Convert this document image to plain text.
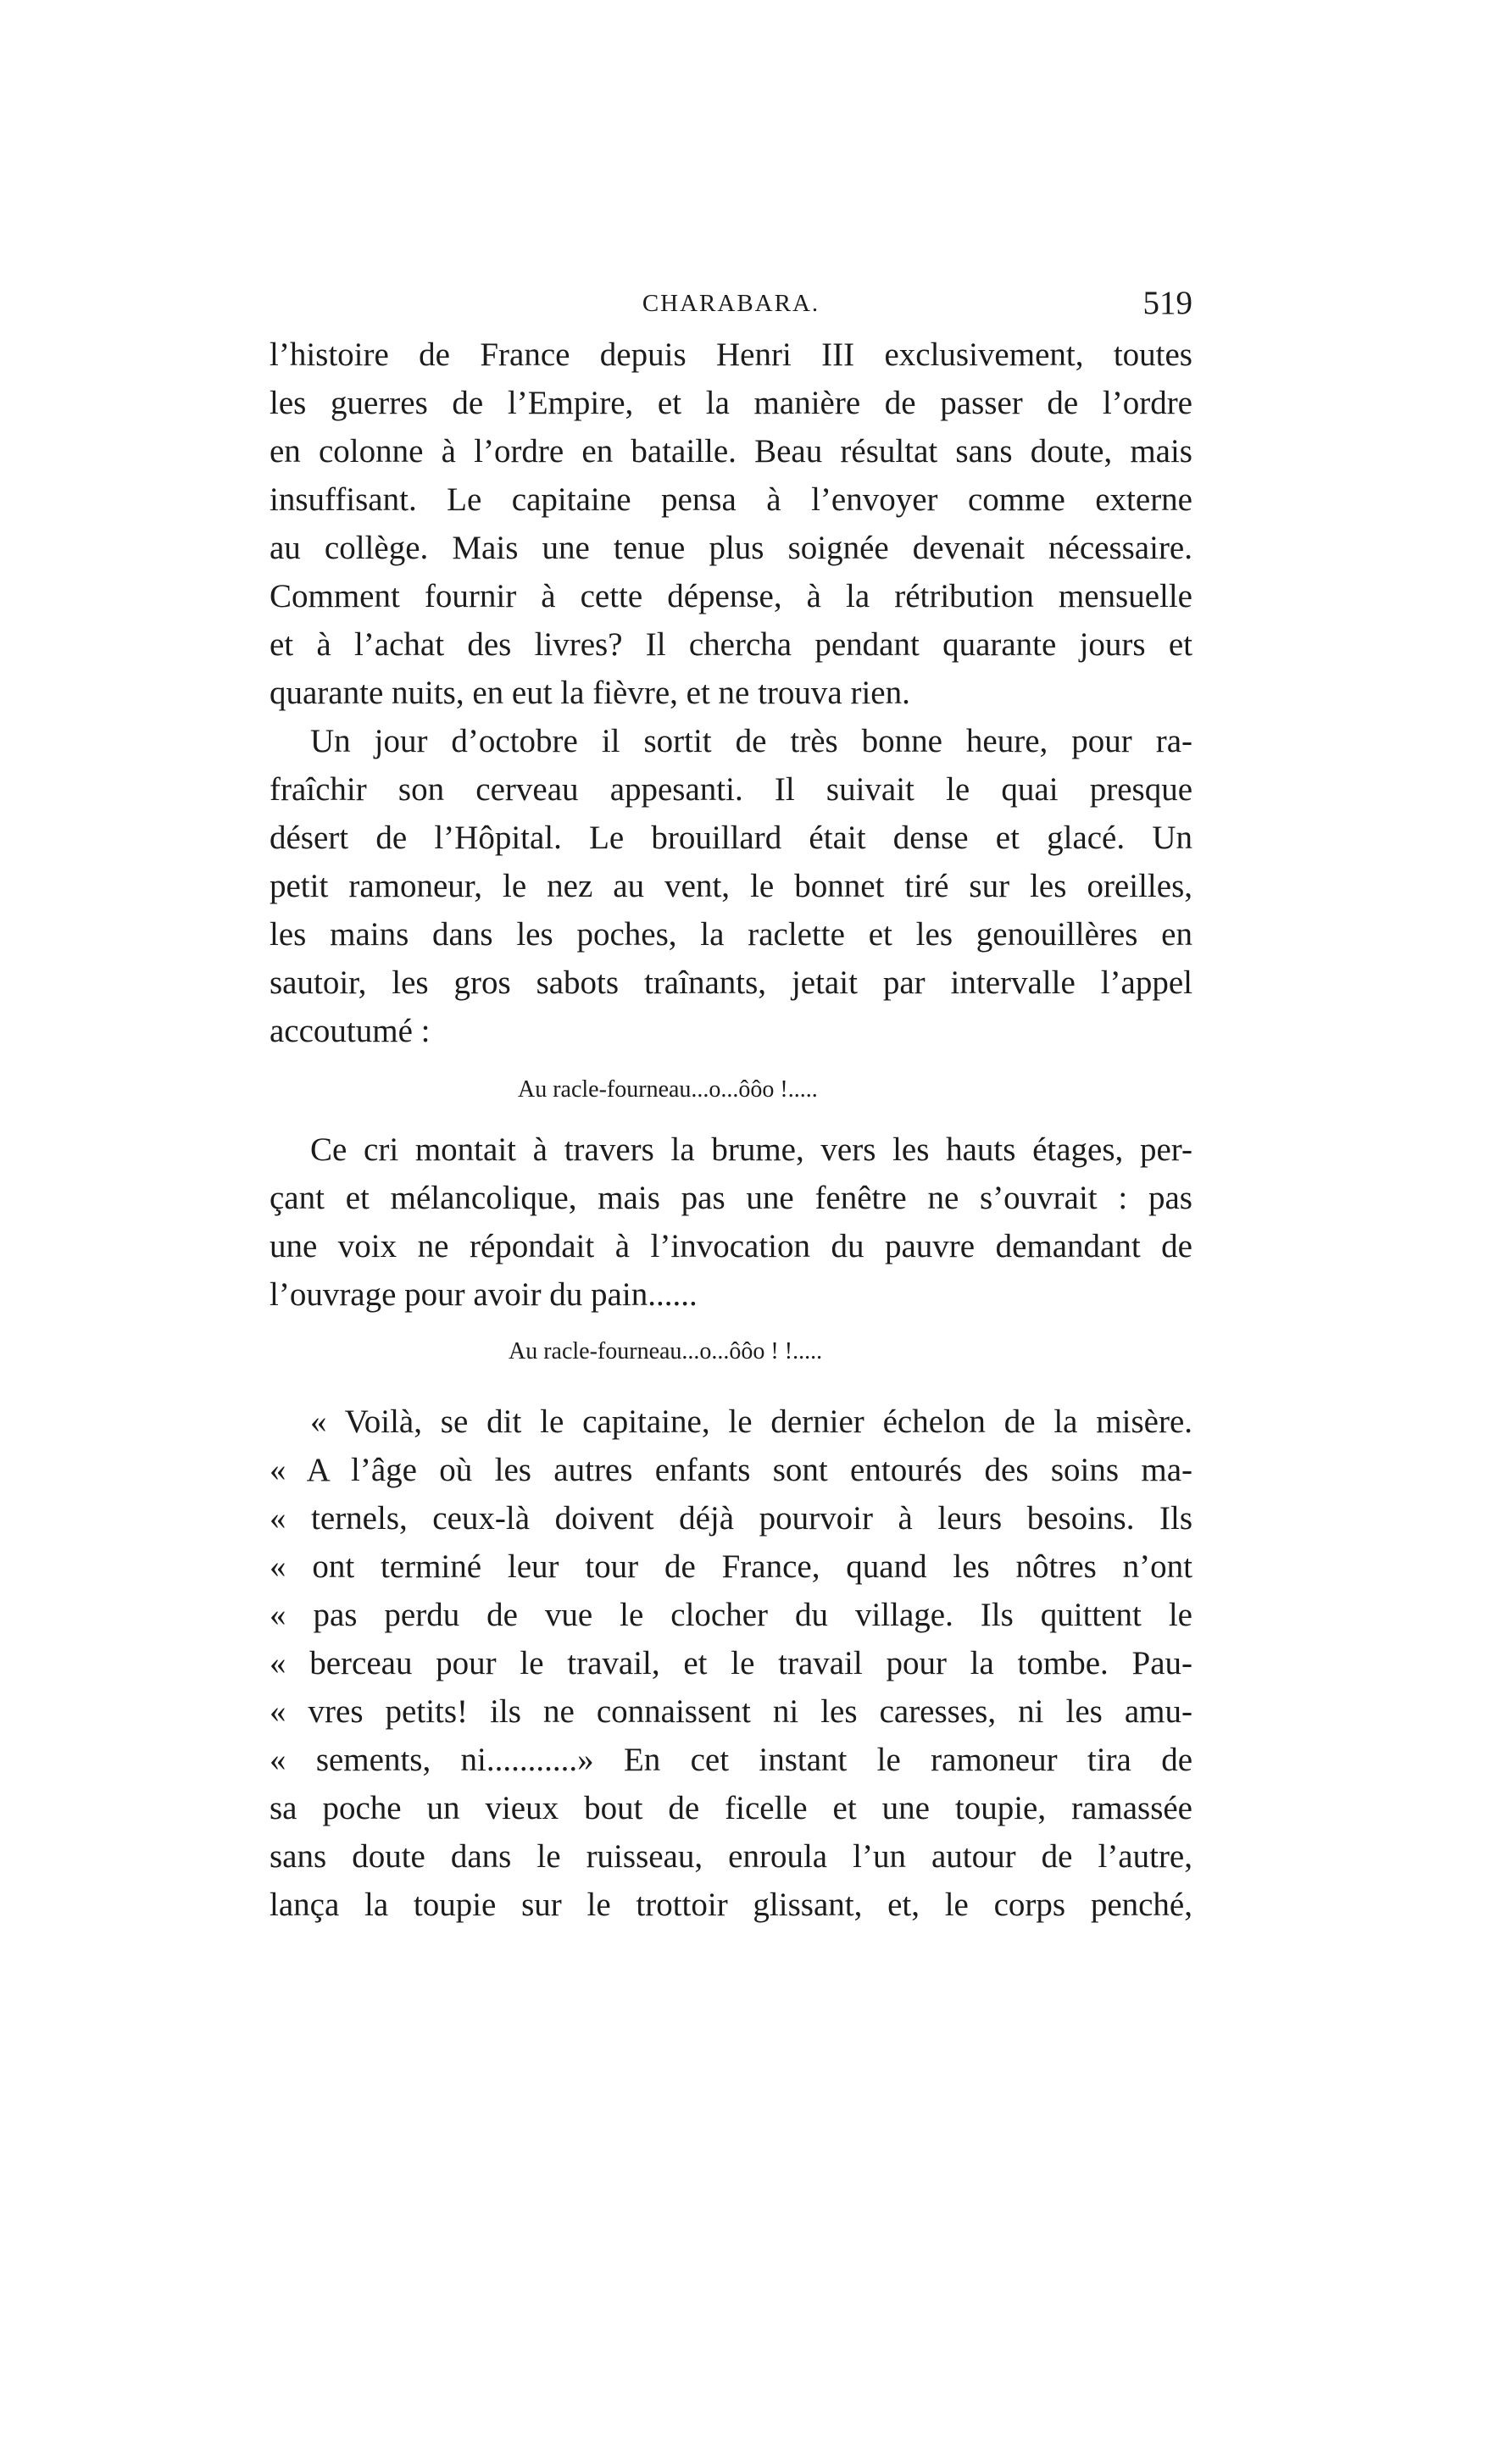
CHARABARA.	519
l’histoire de France depuis Henri III exclusivement, toutes
les guerres de l’Empire, et la manière de passer de l’ordre
en colonne à l’ordre en bataille. Beau résultat sans doute, mais
insuffisant. Le capitaine pensa à l’envoyer comme externe
au collège. Mais une tenue plus soignée devenait nécessaire.
Comment fournir à cette dépense, à la rétribution mensuelle
et à l’achat des livres? Il chercha pendant quarante jours et
quarante nuits, en eut la fièvre, et ne trouva rien.
Un jour d’octobre il sortit de très bonne heure, pour ra-
fraîchir son cerveau appesanti. Il suivait le quai presque
désert de l’Hôpital. Le brouillard était dense et glacé. Un
petit ramoneur, le nez au vent, le bonnet tiré sur les oreilles,
les mains dans les poches, la raclette et les genouillères en
sautoir, les gros sabots traînants, jetait par intervalle l’appel
accoutumé :
Au racle-fourneau...o...ôôo !.....
Ce cri montait à travers la brume, vers les hauts étages, per-
çant et mélancolique, mais pas une fenêtre ne s’ouvrait : pas
une voix ne répondait à l’invocation du pauvre demandant de
l’ouvrage pour avoir du pain......
Au racle-fourneau...o...ôôo ! !.....
« Voilà, se dit le capitaine, le dernier échelon de la misère.
« A l’âge où les autres enfants sont entourés des soins ma-
« ternels, ceux-là doivent déjà pourvoir à leurs besoins. Ils
« ont terminé leur tour de France, quand les nôtres n’ont
« pas perdu de vue le clocher du village. Ils quittent le
« berceau pour le travail, et le travail pour la tombe. Pau-
« vres petits! ils ne connaissent ni les caresses, ni les amu-
« sements, ni...........» En cet instant le ramoneur tira de
sa poche un vieux bout de ficelle et une toupie, ramassée
sans doute dans le ruisseau, enroula l’un autour de l’autre,
lança la toupie sur le trottoir glissant, et, le corps penché,
